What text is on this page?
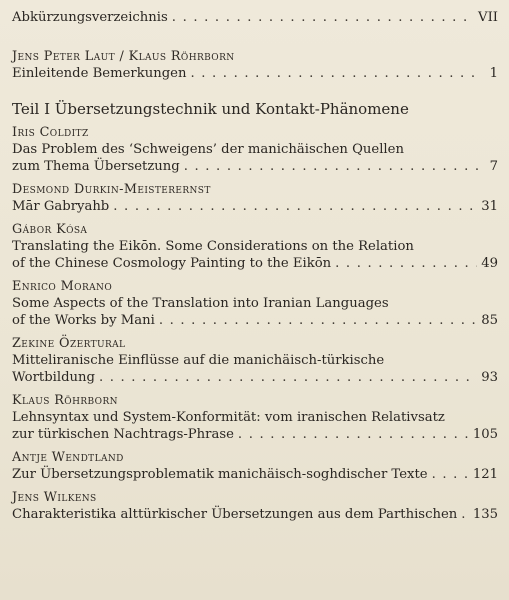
Abkürzungsverzeichnis . . .	VII
Jens Peter Laut / Klaus Röhrborn
Einleitende Bemerkungen . . .	1
Teil I Übersetzungstechnik und Kontakt-Phänomene
Iris Colditz
Das Problem des ‘Schweigens’ der manichäischen Quellen
zum Thema Übersetzung . . .	7
Desmond Durkin-Meisterernst
Mār Gabryahb . . .	31
Gábor Kósa
Translating the Eikōn. Some Considerations on the Relation
of the Chinese Cosmology Painting to the Eikōn . . .	49
Enrico Morano
Some Aspects of the Translation into Iranian Languages
of the Works by Mani . . .	85
Zekine Özertural
Mitteliranische Einflüsse auf die manichäisch-türkische
Wortbildung . . .	93
Klaus Röhrborn
Lehnsyntax und System-Konformität: vom iranischen Relativsatz
zur türkischen Nachtrags-Phrase . . .	105
Antje Wendtland
Zur Übersetzungsproblematik manichäisch-soghdischer Texte . . .	121
Jens Wilkens
Charakteristika alttürkischer Übersetzungen aus dem Parthischen . . . 135
